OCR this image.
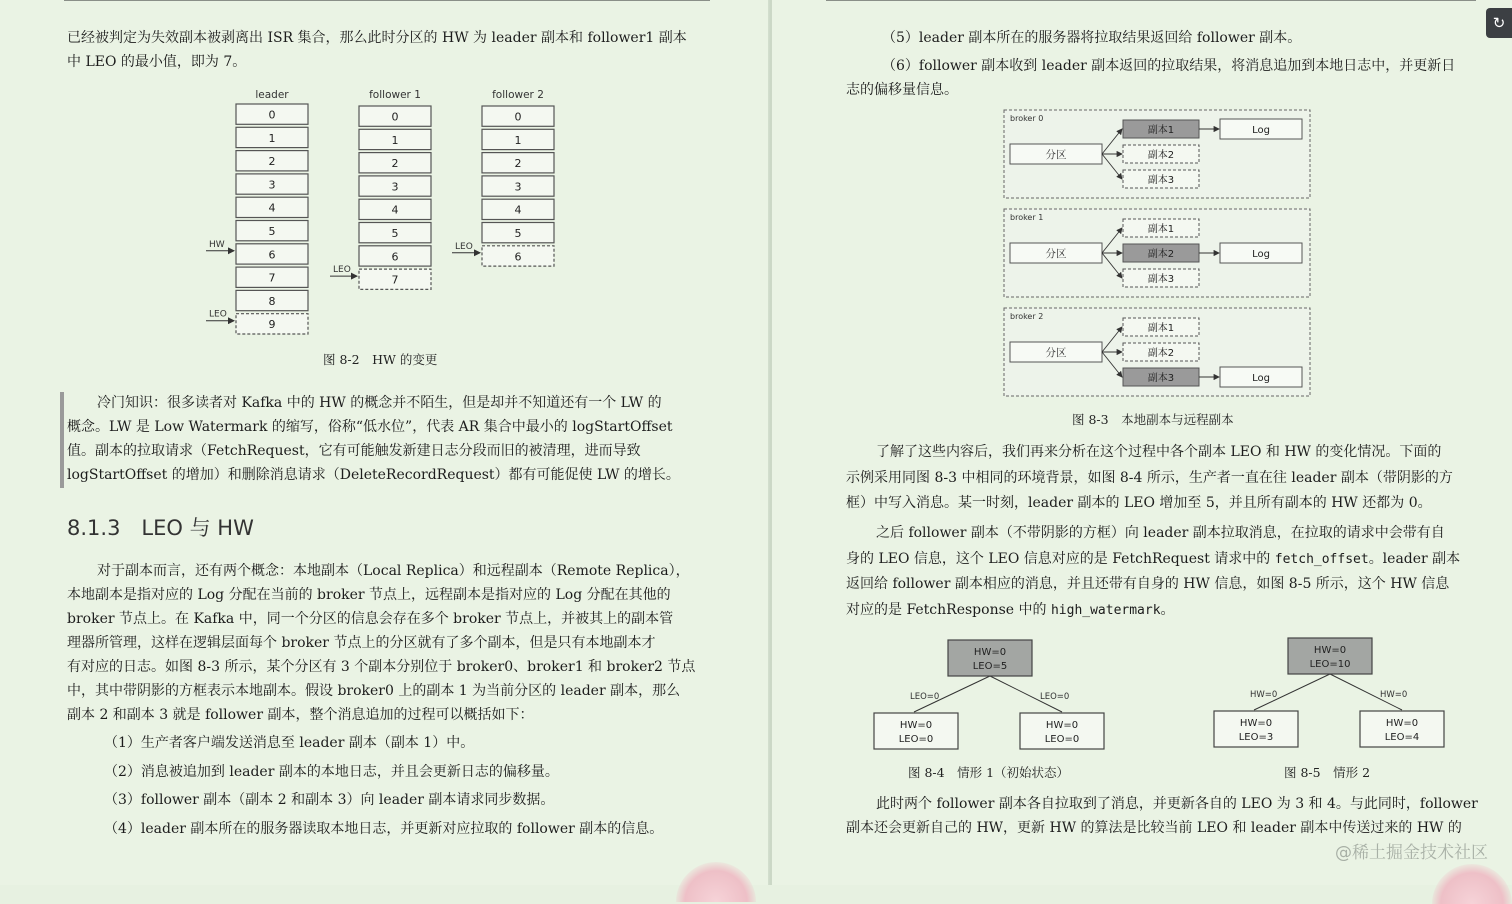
已经被判定为失效副本被剥离出 ISR 集合，那么此时分区的 HW 为 leader 副本和 follower1 副本
中 LEO 的最小值，即为 7。
leader
0
1
2
3
4
5
6
7
8
9
follower 1
0
1
2
3
4
5
6
7
follower 2
0
1
2
3
4
5
6
HW
LEO
LEO
LEO
图 8-2　HW 的变更
冷门知识：很多读者对 Kafka 中的 HW 的概念并不陌生，但是却并不知道还有一个 LW 的
概念。LW 是 Low Watermark 的缩写，俗称“低水位”，代表 AR 集合中最小的 logStartOffset
值。副本的拉取请求（FetchRequest，它有可能触发新建日志分段而旧的被清理，进而导致
logStartOffset 的增加）和删除消息请求（DeleteRecordRequest）都有可能促使 LW 的增长。
8.1.3　LEO 与 HW
对于副本而言，还有两个概念：本地副本（Local Replica）和远程副本（Remote Replica），
本地副本是指对应的 Log 分配在当前的 broker 节点上，远程副本是指对应的 Log 分配在其他的
broker 节点上。在 Kafka 中，同一个分区的信息会存在多个 broker 节点上，并被其上的副本管
理器所管理，这样在逻辑层面每个 broker 节点上的分区就有了多个副本，但是只有本地副本才
有对应的日志。如图 8-3 所示，某个分区有 3 个副本分别位于 broker0、broker1 和 broker2 节点
中，其中带阴影的方框表示本地副本。假设 broker0 上的副本 1 为当前分区的 leader 副本，那么
副本 2 和副本 3 就是 follower 副本，整个消息追加的过程可以概括如下：
（1）生产者客户端发送消息至 leader 副本（副本 1）中。
（2）消息被追加到 leader 副本的本地日志，并且会更新日志的偏移量。
（3）follower 副本（副本 2 和副本 3）向 leader 副本请求同步数据。
（4）leader 副本所在的服务器读取本地日志，并更新对应拉取的 follower 副本的信息。
（5）leader 副本所在的服务器将拉取结果返回给 follower 副本。
（6）follower 副本收到 leader 副本返回的拉取结果，将消息追加到本地日志中，并更新日
志的偏移量信息。
broker 0
分区
副本1	Log
副本2
副本3
broker 1
分区
副本1
副本2	Log
副本3
broker 2
分区
副本1
副本2
副本3	Log
图 8-3　本地副本与远程副本
了解了这些内容后，我们再来分析在这个过程中各个副本 LEO 和 HW 的变化情况。下面的
示例采用同图 8-3 中相同的环境背景，如图 8-4 所示，生产者一直在往 leader 副本（带阴影的方
框）中写入消息。某一时刻，leader 副本的 LEO 增加至 5，并且所有副本的 HW 还都为 0。
之后 follower 副本（不带阴影的方框）向 leader 副本拉取消息，在拉取的请求中会带有自
身的 LEO 信息，这个 LEO 信息对应的是 FetchRequest 请求中的 fetch_offset。leader 副本
返回给 follower 副本相应的消息，并且还带有自身的 HW 信息，如图 8-5 所示，这个 HW 信息
对应的是 FetchResponse 中的 high_watermark。
HW=0
LEO=5
HW=0
LEO=0
HW=0
LEO=0
LEO=0	LEO=0
图 8-4　情形 1（初始状态）
HW=0
LEO=10
HW=0
LEO=3
HW=0
LEO=4
HW=0	HW=0
图 8-5　情形 2
此时两个 follower 副本各自拉取到了消息，并更新各自的 LEO 为 3 和 4。与此同时，follower
副本还会更新自己的 HW，更新 HW 的算法是比较当前 LEO 和 leader 副本中传送过来的 HW 的
@稀土掘金技术社区
↻
